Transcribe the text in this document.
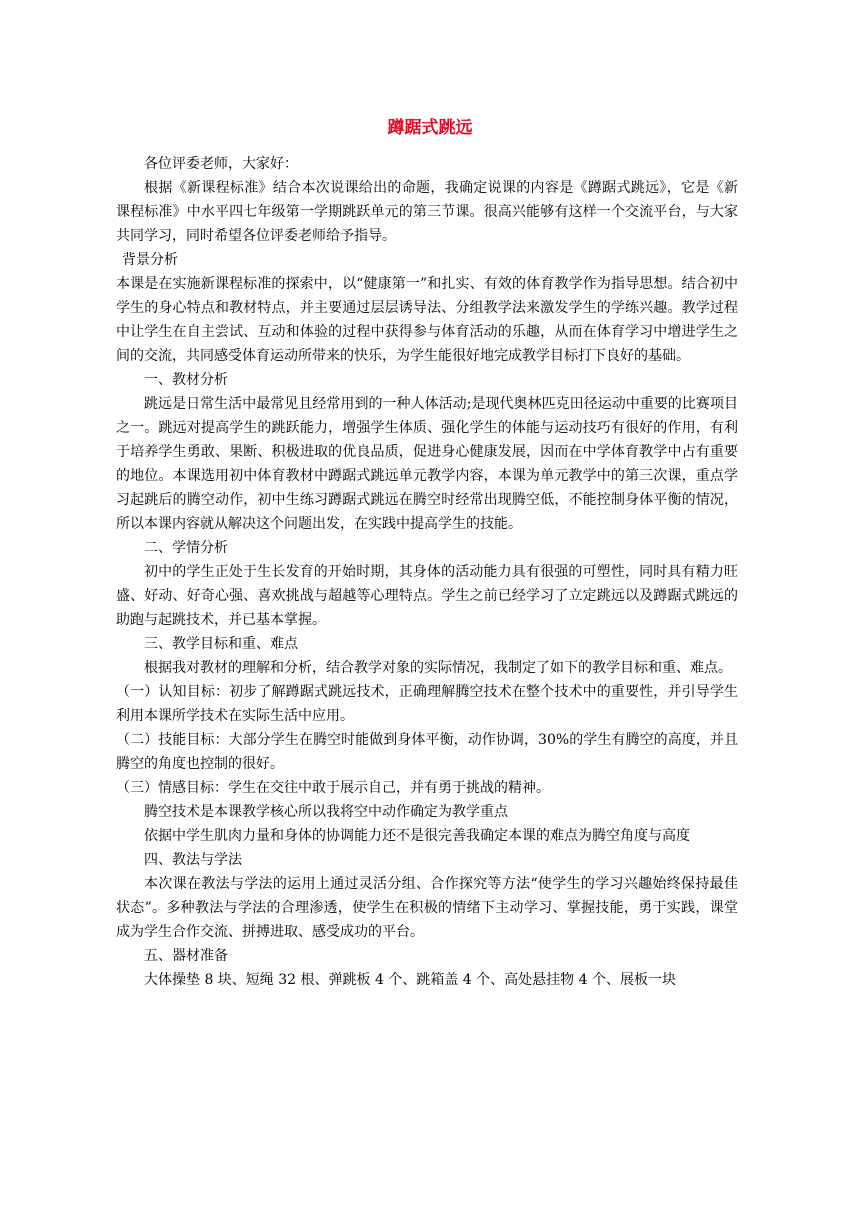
蹲踞式跳远

各位评委老师，大家好：

根据《新课程标准》结合本次说课给出的命题，我确定说课的内容是《蹲踞式跳远》，它是《新课程标准》中水平四七年级第一学期跳跃单元的第三节课。很高兴能够有这样一个交流平台，与大家共同学习，同时希望各位评委老师给予指导。

背景分析

本课是在实施新课程标准的探索中，以“健康第一”和扎实、有效的体育教学作为指导思想。结合初中学生的身心特点和教材特点，并主要通过层层诱导法、分组教学法来激发学生的学练兴趣。教学过程中让学生在自主尝试、互动和体验的过程中获得参与体育活动的乐趣，从而在体育学习中增进学生之间的交流，共同感受体育运动所带来的快乐，为学生能很好地完成教学目标打下良好的基础。

一、教材分析

跳远是日常生活中最常见且经常用到的一种人体活动;是现代奥林匹克田径运动中重要的比赛项目之一。跳远对提高学生的跳跃能力，增强学生体质、强化学生的体能与运动技巧有很好的作用，有利于培养学生勇敢、果断、积极进取的优良品质，促进身心健康发展，因而在中学体育教学中占有重要的地位。本课选用初中体育教材中蹲踞式跳远单元教学内容，本课为单元教学中的第三次课，重点学习起跳后的腾空动作，初中生练习蹲踞式跳远在腾空时经常出现腾空低，不能控制身体平衡的情况，所以本课内容就从解决这个问题出发，在实践中提高学生的技能。

二、学情分析

初中的学生正处于生长发育的开始时期，其身体的活动能力具有很强的可塑性，同时具有精力旺盛、好动、好奇心强、喜欢挑战与超越等心理特点。学生之前已经学习了立定跳远以及蹲踞式跳远的助跑与起跳技术，并已基本掌握。

三、教学目标和重、难点

根据我对教材的理解和分析，结合教学对象的实际情况，我制定了如下的教学目标和重、难点。

（一）认知目标：初步了解蹲踞式跳远技术，正确理解腾空技术在整个技术中的重要性，并引导学生利用本课所学技术在实际生活中应用。

（二）技能目标：大部分学生在腾空时能做到身体平衡，动作协调，30%的学生有腾空的高度，并且腾空的角度也控制的很好。

（三）情感目标：学生在交往中敢于展示自己，并有勇于挑战的精神。

腾空技术是本课教学核心所以我将空中动作确定为教学重点

依据中学生肌肉力量和身体的协调能力还不是很完善我确定本课的难点为腾空角度与高度

四、教法与学法

本次课在教法与学法的运用上通过灵活分组、合作探究等方法“使学生的学习兴趣始终保持最佳状态”。多种教法与学法的合理渗透，使学生在积极的情绪下主动学习、掌握技能，勇于实践，课堂成为学生合作交流、拼搏进取、感受成功的平台。

五、器材准备

大体操垫 8 块、短绳 32 根、弹跳板 4 个、跳箱盖 4 个、高处悬挂物 4 个、展板一块
